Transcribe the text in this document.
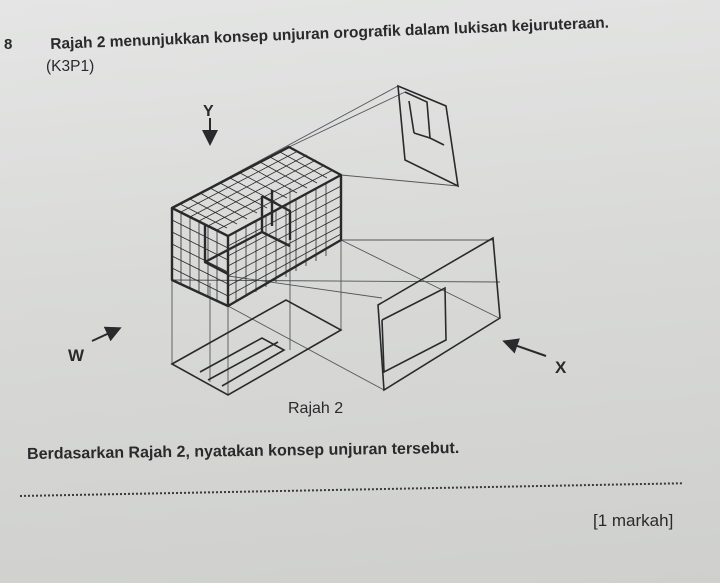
8 Rajah 2 menunjukkan konsep unjuran orografik dalam lukisan kejuruteraan.
(K3P1)
Y
W
X
Rajah 2
Berdasarkan Rajah 2, nyatakan konsep unjuran tersebut.
[1 markah]
